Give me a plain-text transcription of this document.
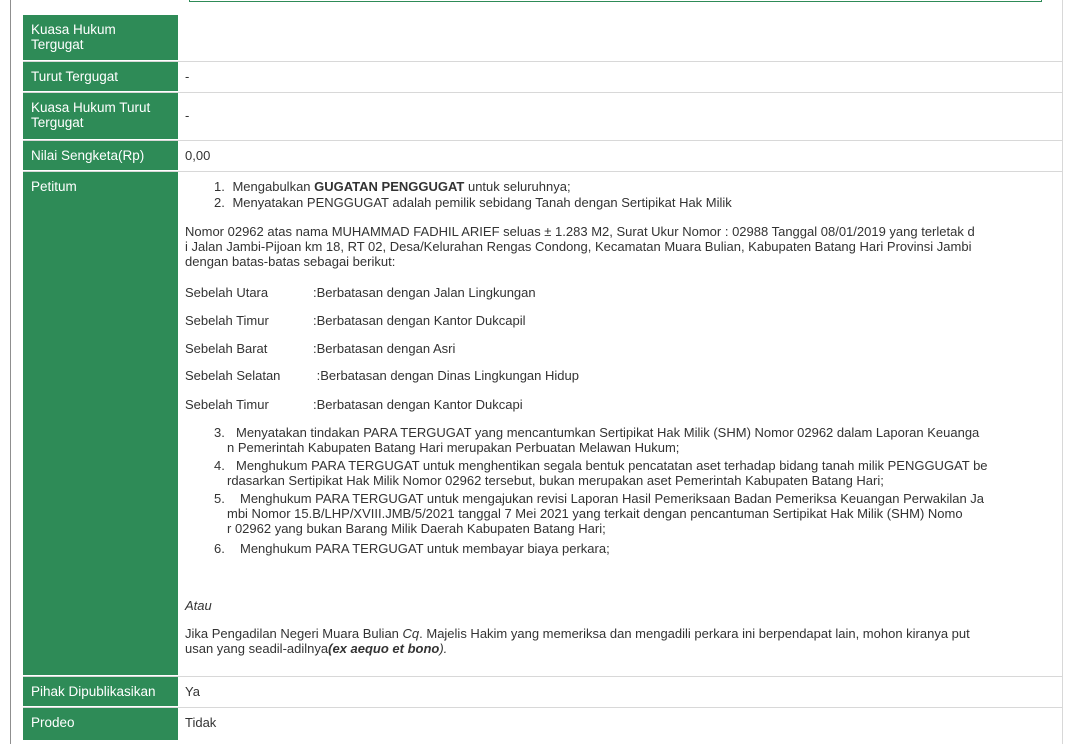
Kuasa Hukum Tergugat
Turut Tergugat	-
Kuasa Hukum Turut Tergugat	-
Nilai Sengketa(Rp)	0,00
Petitum	1. Mengabulkan GUGATAN PENGGUGAT untuk seluruhnya;
2. Menyatakan PENGGUGAT adalah pemilik sebidang Tanah dengan Sertipikat Hak Milik
Nomor 02962 atas nama MUHAMMAD FADHIL ARIEF seluas ± 1.283 M2, Surat Ukur Nomor : 02988 Tanggal 08/01/2019 yang terletak d
i Jalan Jambi-Pijoan km 18, RT 02, Desa/Kelurahan Rengas Condong, Kecamatan Muara Bulian, Kabupaten Batang Hari Provinsi Jambi
dengan batas-batas sebagai berikut:
Sebelah Utara	:Berbatasan dengan Jalan Lingkungan
Sebelah Timur	:Berbatasan dengan Kantor Dukcapil
Sebelah Barat	:Berbatasan dengan Asri
Sebelah Selatan	:Berbatasan dengan Dinas Lingkungan Hidup
Sebelah Timur	:Berbatasan dengan Kantor Dukcapi
3. Menyatakan tindakan PARA TERGUGAT yang mencantumkan Sertipikat Hak Milik (SHM) Nomor 02962 dalam Laporan Keuanga
n Pemerintah Kabupaten Batang Hari merupakan Perbuatan Melawan Hukum;
4. Menghukum PARA TERGUGAT untuk menghentikan segala bentuk pencatatan aset terhadap bidang tanah milik PENGGUGAT be
rdasarkan Sertipikat Hak Milik Nomor 02962 tersebut, bukan merupakan aset Pemerintah Kabupaten Batang Hari;
5.	Menghukum PARA TERGUGAT untuk mengajukan revisi Laporan Hasil Pemeriksaan Badan Pemeriksa Keuangan Perwakilan Ja
mbi Nomor 15.B/LHP/XVIII.JMB/5/2021 tanggal 7 Mei 2021 yang terkait dengan pencantuman Sertipikat Hak Milik (SHM) Nomo
r 02962 yang bukan Barang Milik Daerah Kabupaten Batang Hari;
6.	Menghukum PARA TERGUGAT untuk membayar biaya perkara;
Atau
Jika Pengadilan Negeri Muara Bulian Cq. Majelis Hakim yang memeriksa dan mengadili perkara ini berpendapat lain, mohon kiranya put
usan yang seadil-adilnya(ex aequo et bono).
Pihak Dipublikasikan	Ya
Prodeo	Tidak
